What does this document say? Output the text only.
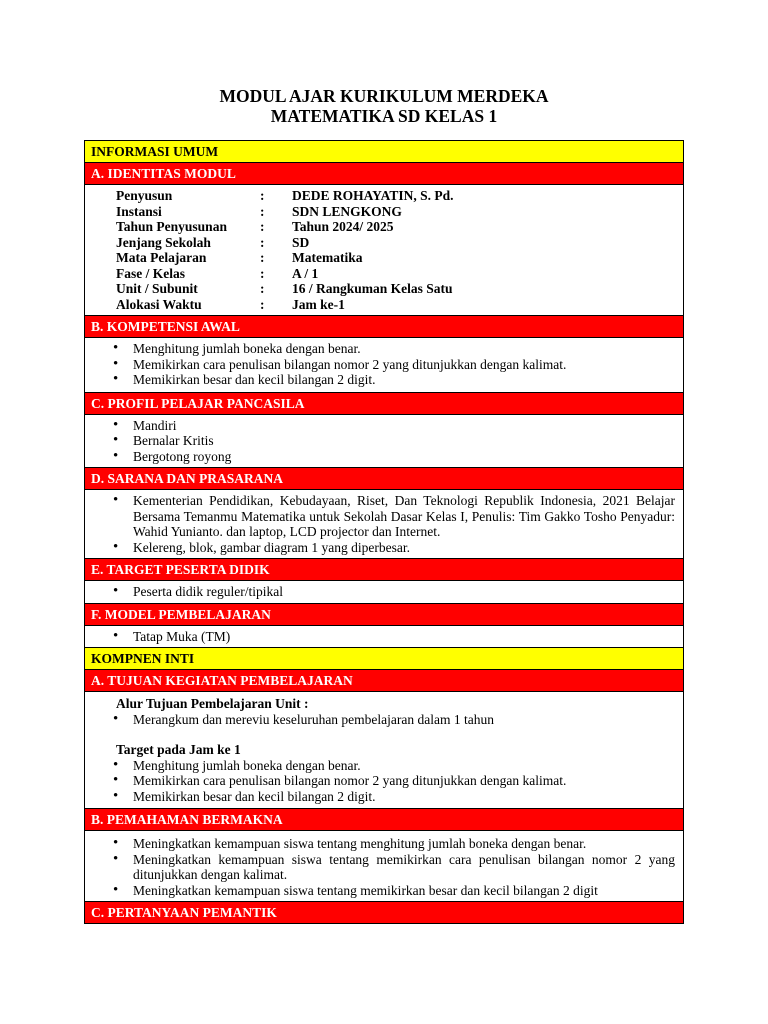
MODUL AJAR KURIKULUM MERDEKA
MATEMATIKA SD KELAS 1
INFORMASI UMUM
A. IDENTITAS MODUL
Penyusun	:	DEDE ROHAYATIN, S. Pd.
Instansi	:	SDN LENGKONG
Tahun Penyusunan	:	Tahun 2024/ 2025
Jenjang Sekolah	:	SD
Mata Pelajaran	:	Matematika
Fase / Kelas	:	A / 1
Unit / Subunit	:	16 / Rangkuman Kelas Satu
Alokasi Waktu	:	Jam ke-1
B. KOMPETENSI AWAL
• Menghitung jumlah boneka dengan benar.
• Memikirkan cara penulisan bilangan nomor 2 yang ditunjukkan dengan kalimat.
• Memikirkan besar dan kecil bilangan 2 digit.
C. PROFIL PELAJAR PANCASILA
• Mandiri
• Bernalar Kritis
• Bergotong royong
D. SARANA DAN PRASARANA
• Kementerian Pendidikan, Kebudayaan, Riset, Dan Teknologi Republik Indonesia, 2021 Belajar Bersama Temanmu Matematika untuk Sekolah Dasar Kelas I, Penulis: Tim Gakko Tosho Penyadur: Wahid Yunianto. dan laptop, LCD projector dan Internet.
• Kelereng, blok, gambar diagram 1 yang diperbesar.
E. TARGET PESERTA DIDIK
• Peserta didik reguler/tipikal
F. MODEL PEMBELAJARAN
• Tatap Muka (TM)
KOMPNEN INTI
A. TUJUAN KEGIATAN PEMBELAJARAN
Alur Tujuan Pembelajaran Unit :
• Merangkum dan mereviu keseluruhan pembelajaran dalam 1 tahun
Target pada Jam ke 1
• Menghitung jumlah boneka dengan benar.
• Memikirkan cara penulisan bilangan nomor 2 yang ditunjukkan dengan kalimat.
• Memikirkan besar dan kecil bilangan 2 digit.
B. PEMAHAMAN BERMAKNA
• Meningkatkan kemampuan siswa tentang menghitung jumlah boneka dengan benar.
• Meningkatkan kemampuan siswa tentang memikirkan cara penulisan bilangan nomor 2 yang ditunjukkan dengan kalimat.
• Meningkatkan kemampuan siswa tentang memikirkan besar dan kecil bilangan 2 digit
C. PERTANYAAN PEMANTIK
